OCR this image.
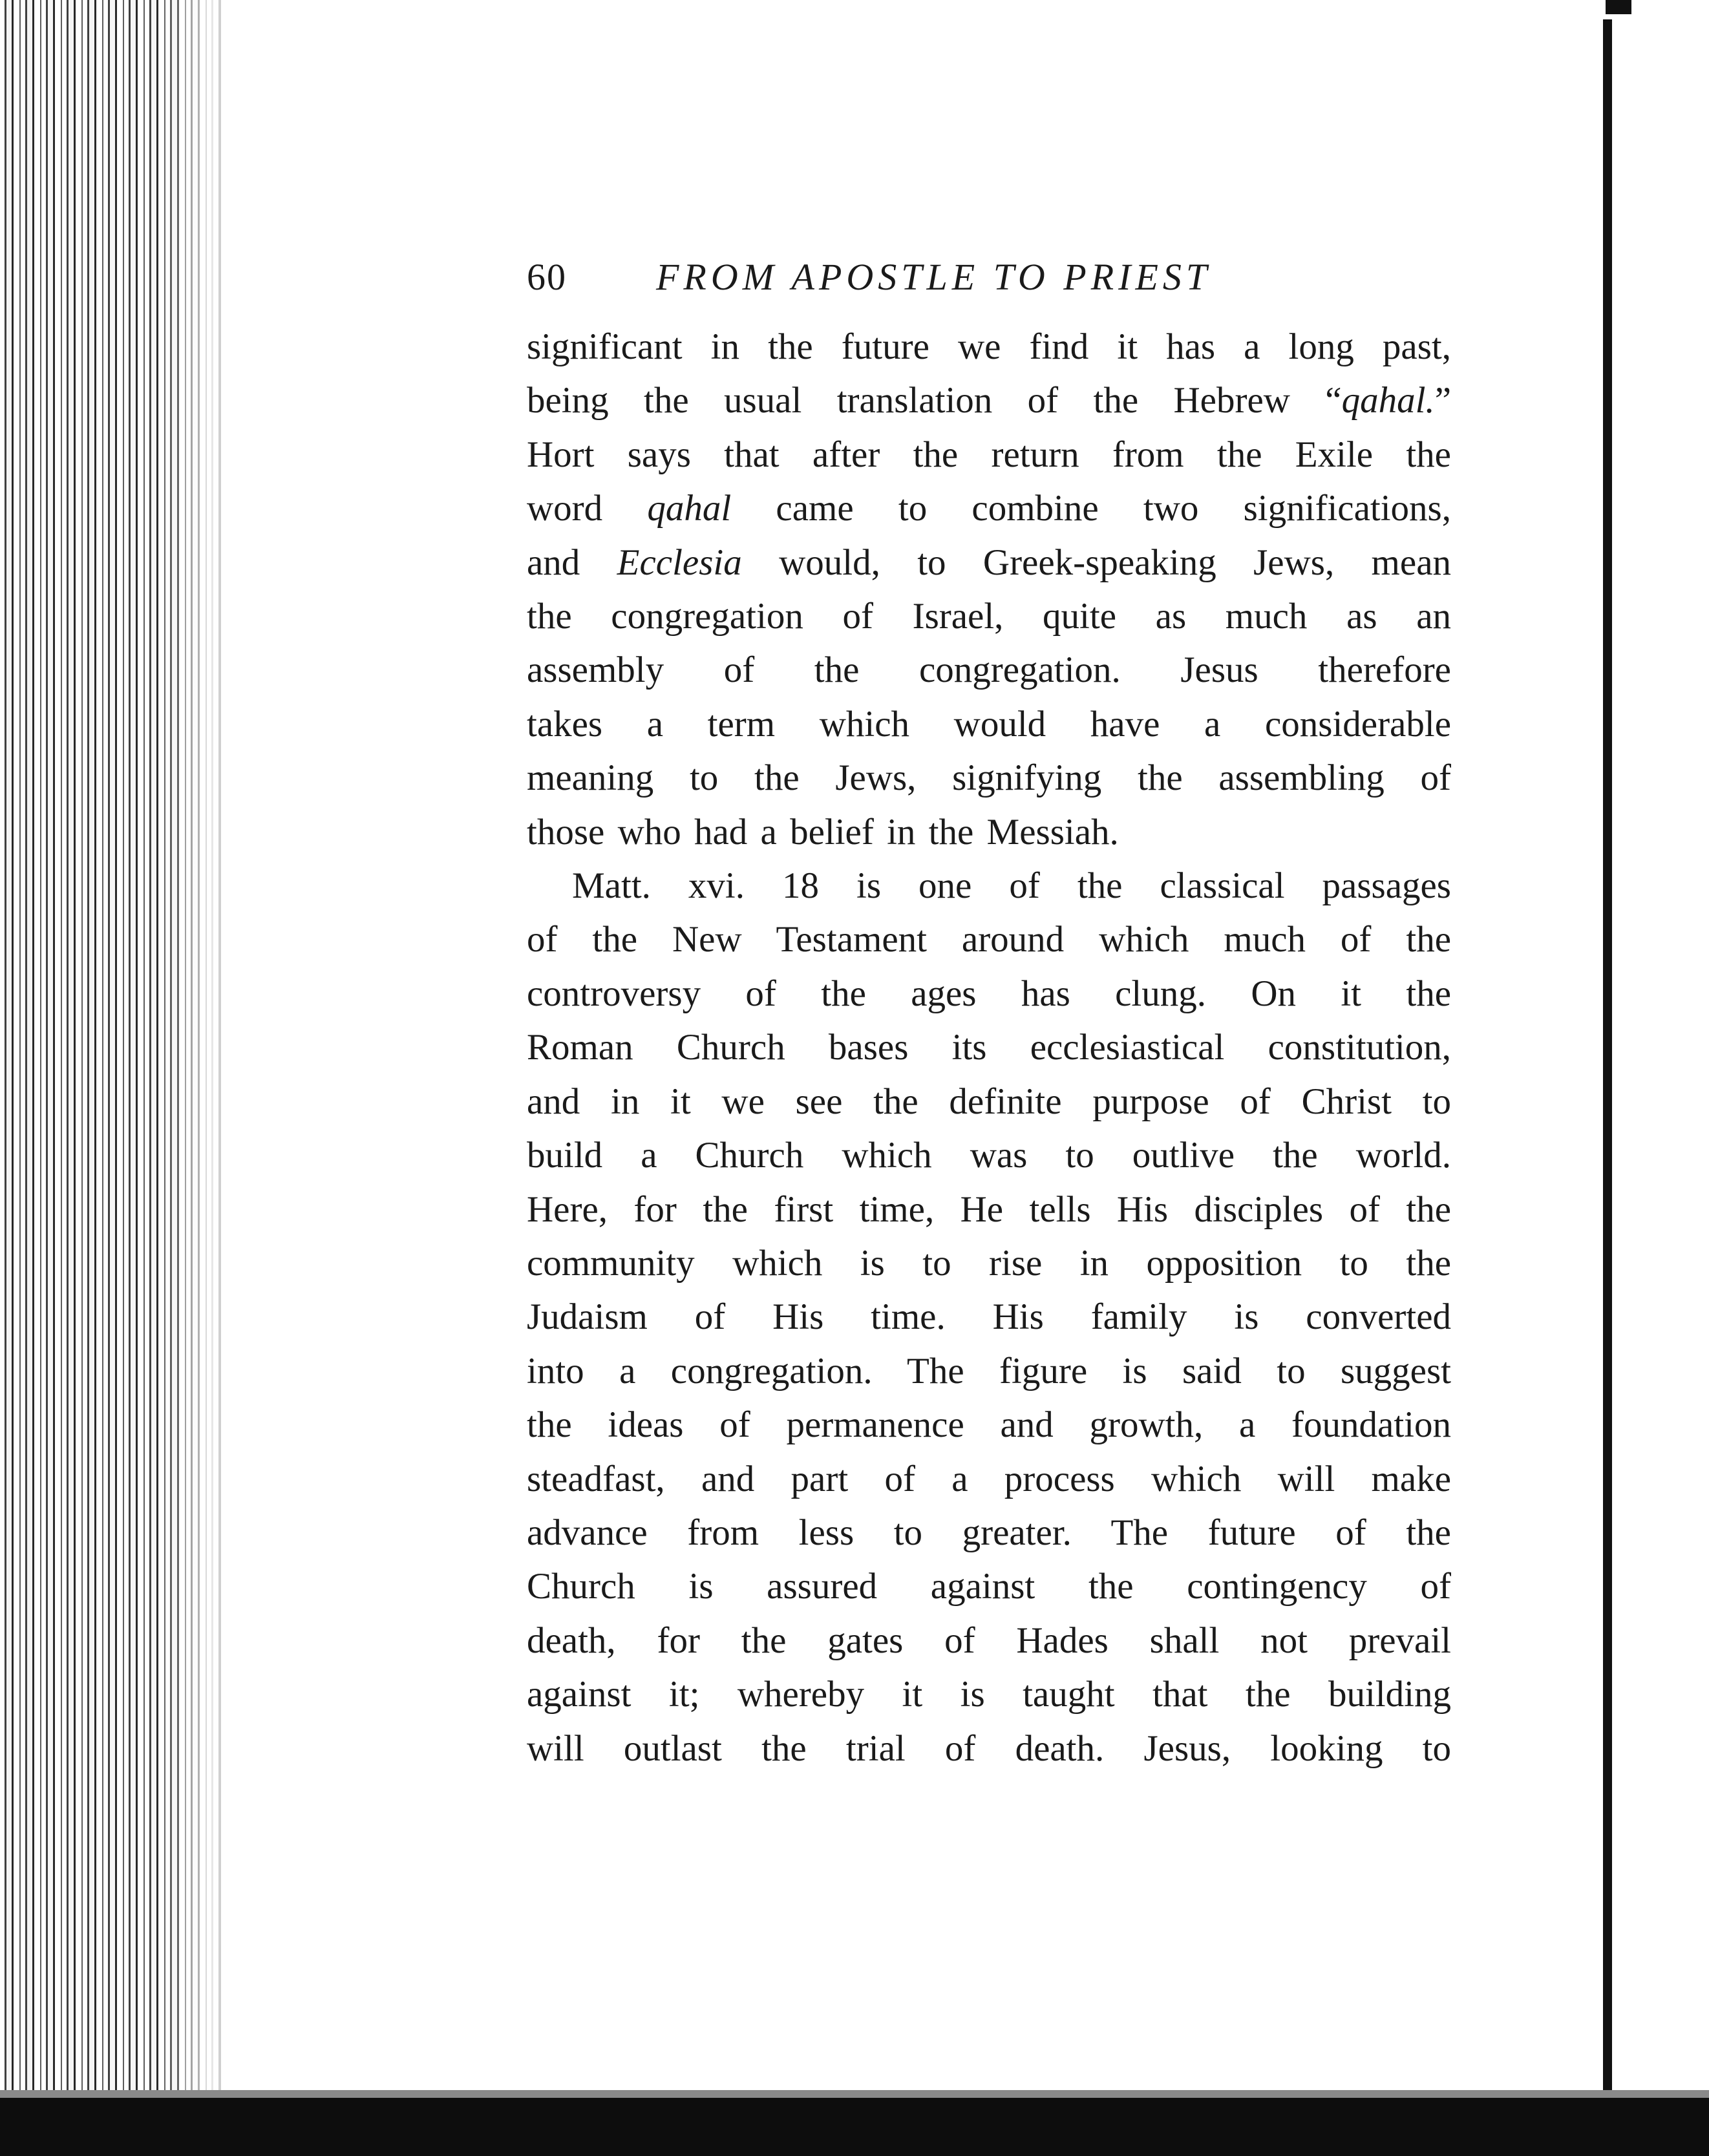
60	FROM APOSTLE TO PRIEST
significant in the future we find it has a long past,
being the usual translation of the Hebrew “qahal.”
Hort says that after the return from the Exile the
word qahal came to combine two significations,
and Ecclesia would, to Greek-speaking Jews, mean
the congregation of Israel, quite as much as an
assembly of the congregation. Jesus therefore
takes a term which would have a considerable
meaning to the Jews, signifying the assembling of
those who had a belief in the Messiah.
Matt. xvi. 18 is one of the classical passages
of the New Testament around which much of the
controversy of the ages has clung. On it the
Roman Church bases its ecclesiastical constitution,
and in it we see the definite purpose of Christ to
build a Church which was to outlive the world.
Here, for the first time, He tells His disciples of the
community which is to rise in opposition to the
Judaism of His time. His family is converted
into a congregation. The figure is said to suggest
the ideas of permanence and growth, a foundation
steadfast, and part of a process which will make
advance from less to greater. The future of the
Church is assured against the contingency of
death, for the gates of Hades shall not prevail
against it; whereby it is taught that the building
will outlast the trial of death. Jesus, looking to
